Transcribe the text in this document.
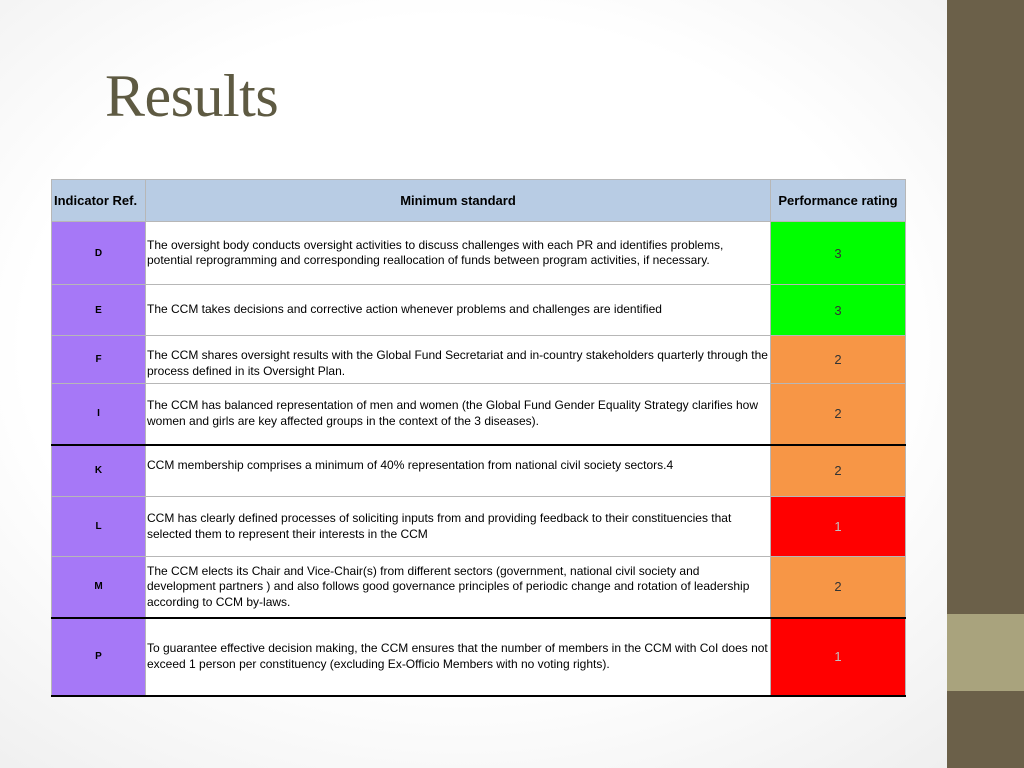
Results
Indicator Ref.	Minimum standard	Performance rating
D	The oversight body conducts oversight activities to discuss challenges with each PR and identifies problems, potential reprogramming and corresponding reallocation of funds between program activities, if necessary.	3
E	The CCM takes decisions and corrective action whenever problems and challenges are identified	3
F	The CCM shares oversight results with the Global Fund Secretariat and in-country stakeholders quarterly through the process defined in its Oversight Plan.	2
I	The CCM has balanced representation of men and women (the Global Fund Gender Equality Strategy clarifies how women and girls are key affected groups in the context of the 3 diseases).	2
K	CCM membership comprises a minimum of 40% representation from national civil society sectors.4	2
L	CCM has clearly defined processes of soliciting inputs from and providing feedback to their constituencies that selected them to represent their interests in the CCM	1
M	The CCM elects its Chair and Vice-Chair(s) from different sectors (government, national civil society and development partners ) and also follows good governance principles of periodic change and rotation of leadership according to CCM by-laws.	2
P	To guarantee effective decision making, the CCM ensures that the number of members in the CCM with CoI does not exceed 1 person per constituency (excluding Ex-Officio Members with no voting rights).	1
